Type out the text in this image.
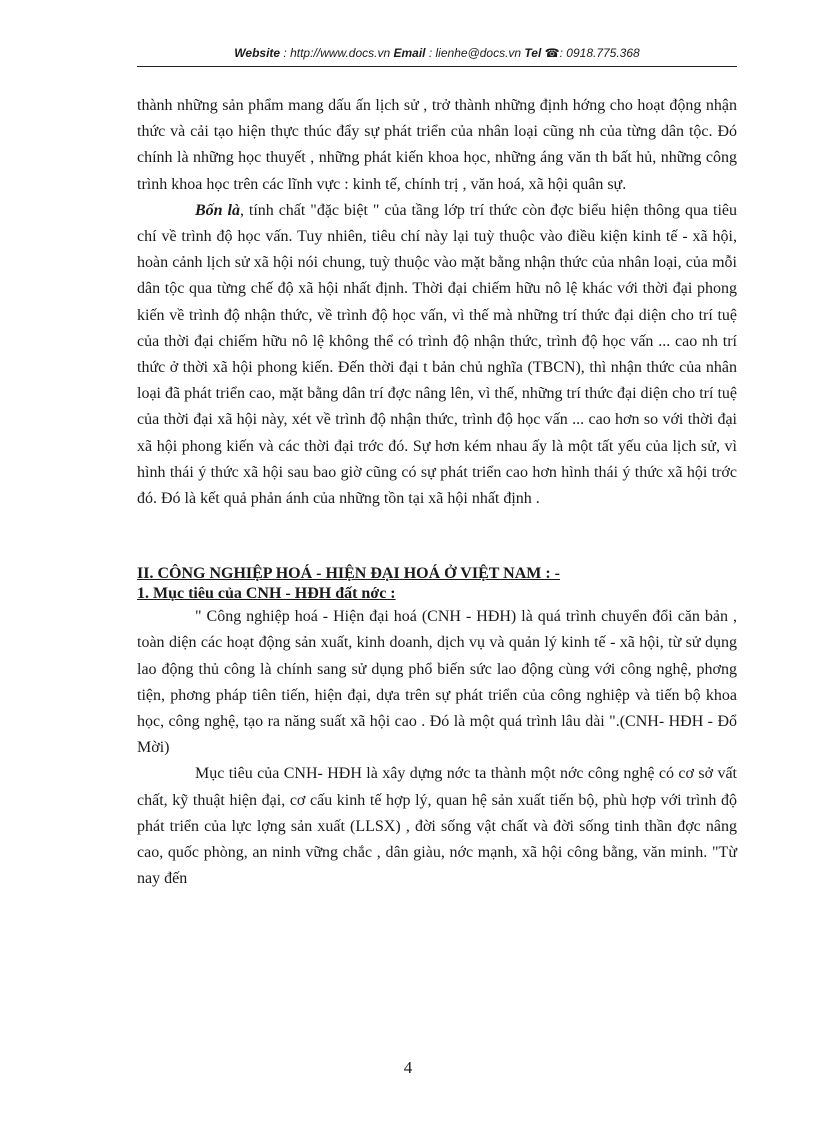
Website : http://www.docs.vn Email : lienhe@docs.vn Tel ☎: 0918.775.368

thành những sản phẩm mang dấu ấn lịch sử , trở thành những định hớng cho hoạt động nhận thức và cải tạo hiện thực thúc đẩy sự phát triển của nhân loại cũng nh của từng dân tộc. Đó chính là những học thuyết , những phát kiến khoa học, những áng văn th bất hủ, những công trình khoa học trên các lĩnh vực : kinh tế, chính trị , văn hoá, xã hội quân sự.

Bốn là, tính chất "đặc biệt " của tầng lớp trí thức còn đợc biểu hiện thông qua tiêu chí về trình độ học vấn. Tuy nhiên, tiêu chí này lại tuỳ thuộc vào điều kiện kinh tế - xã hội, hoàn cảnh lịch sử xã hội nói chung, tuỳ thuộc vào mặt bằng nhận thức của nhân loại, của mỗi dân tộc qua từng chế độ xã hội nhất định. Thời đại chiếm hữu nô lệ khác với thời đại phong kiến về trình độ nhận thức, về trình độ học vấn, vì thế mà những trí thức đại diện cho trí tuệ của thời đại chiếm hữu nô lệ không thể có trình độ nhận thức, trình độ học vấn ... cao nh trí thức ở thời xã hội phong kiến. Đến thời đại t bản chủ nghĩa (TBCN), thì nhận thức của nhân loại đã phát triển cao, mặt bằng dân trí đợc nâng lên, vì thế, những trí thức đại diện cho trí tuệ của thời đại xã hội này, xét về trình độ nhận thức, trình độ học vấn ... cao hơn so với thời đại xã hội phong kiến và các thời đại trớc đó. Sự hơn kém nhau ấy là một tất yếu của lịch sử, vì hình thái ý thức xã hội sau bao giờ cũng có sự phát triển cao hơn hình thái ý thức xã hội trớc đó. Đó là kết quả phản ánh của những tồn tại xã hội nhất định .

II. CÔNG NGHIỆP HOÁ - HIỆN ĐẠI HOÁ Ở VIỆT NAM : -

1. Mục tiêu của CNH - HĐH đất nớc :

" Công nghiệp hoá - Hiện đại hoá (CNH - HĐH) là quá trình chuyển đổi căn bản , toàn diện các hoạt động sản xuất, kinh doanh, dịch vụ và quản lý kinh tế - xã hội, từ sử dụng lao động thủ công là chính sang sử dụng phổ biến sức lao động cùng với công nghệ, phơng tiện, phơng pháp tiên tiến, hiện đại, dựa trên sự phát triển của công nghiệp và tiến bộ khoa học, công nghệ, tạo ra năng suất xã hội cao . Đó là một quá trình lâu dài ".(CNH- HĐH - Đổ Mời)

Mục tiêu của CNH- HĐH là xây dựng nớc ta thành một nớc công nghệ có cơ sở vất chất, kỹ thuật hiện đại, cơ cấu kinh tế hợp lý, quan hệ sản xuất tiến bộ, phù hợp với trình độ phát triển của lực lợng sản xuất (LLSX) , đời sống vật chất và đời sống tinh thần đợc nâng cao, quốc phòng, an ninh vững chắc , dân giàu, nớc mạnh, xã hội công bằng, văn minh. "Từ nay đến

4
